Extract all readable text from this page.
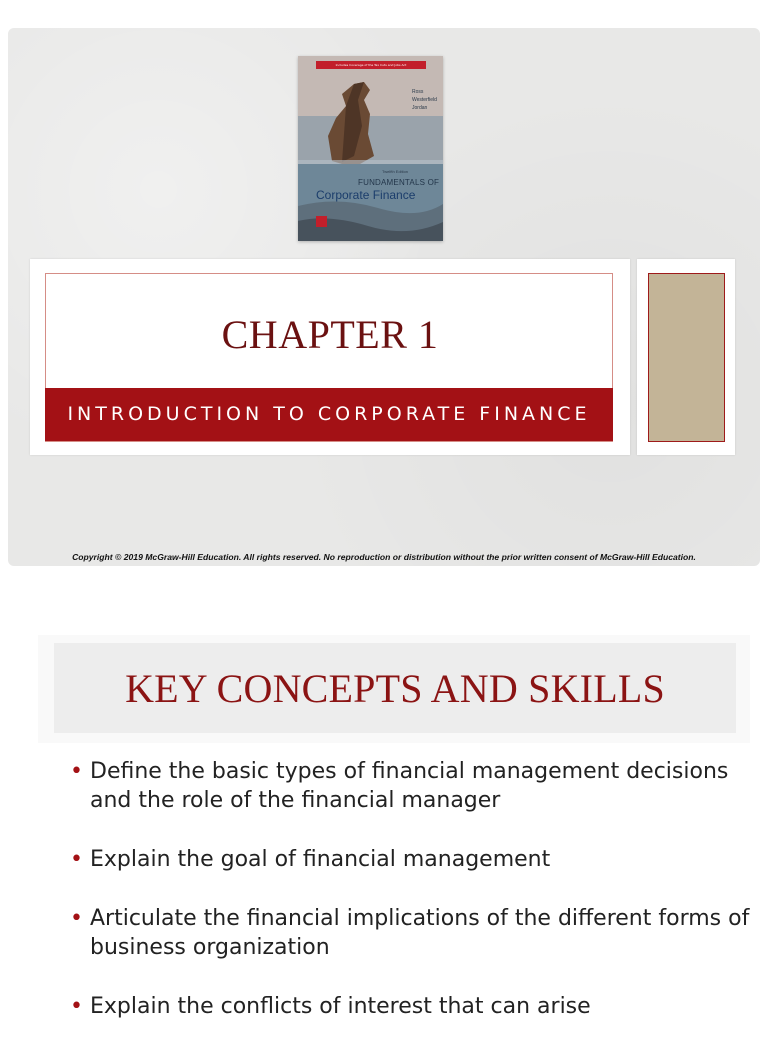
Includes Coverage of the Tax Cuts and Jobs Act
Ross
Westerfield
Jordan
Twelfth Edition
FUNDAMENTALS OF
Corporate Finance
CHAPTER 1
INTRODUCTION TO CORPORATE FINANCE
Copyright © 2019 McGraw-Hill Education. All rights reserved. No reproduction or distribution without the prior written consent of McGraw-Hill Education.
KEY CONCEPTS AND SKILLS
• Define the basic types of financial management decisions and the role of the financial manager
• Explain the goal of financial management
• Articulate the financial implications of the different forms of business organization
• Explain the conflicts of interest that can arise
